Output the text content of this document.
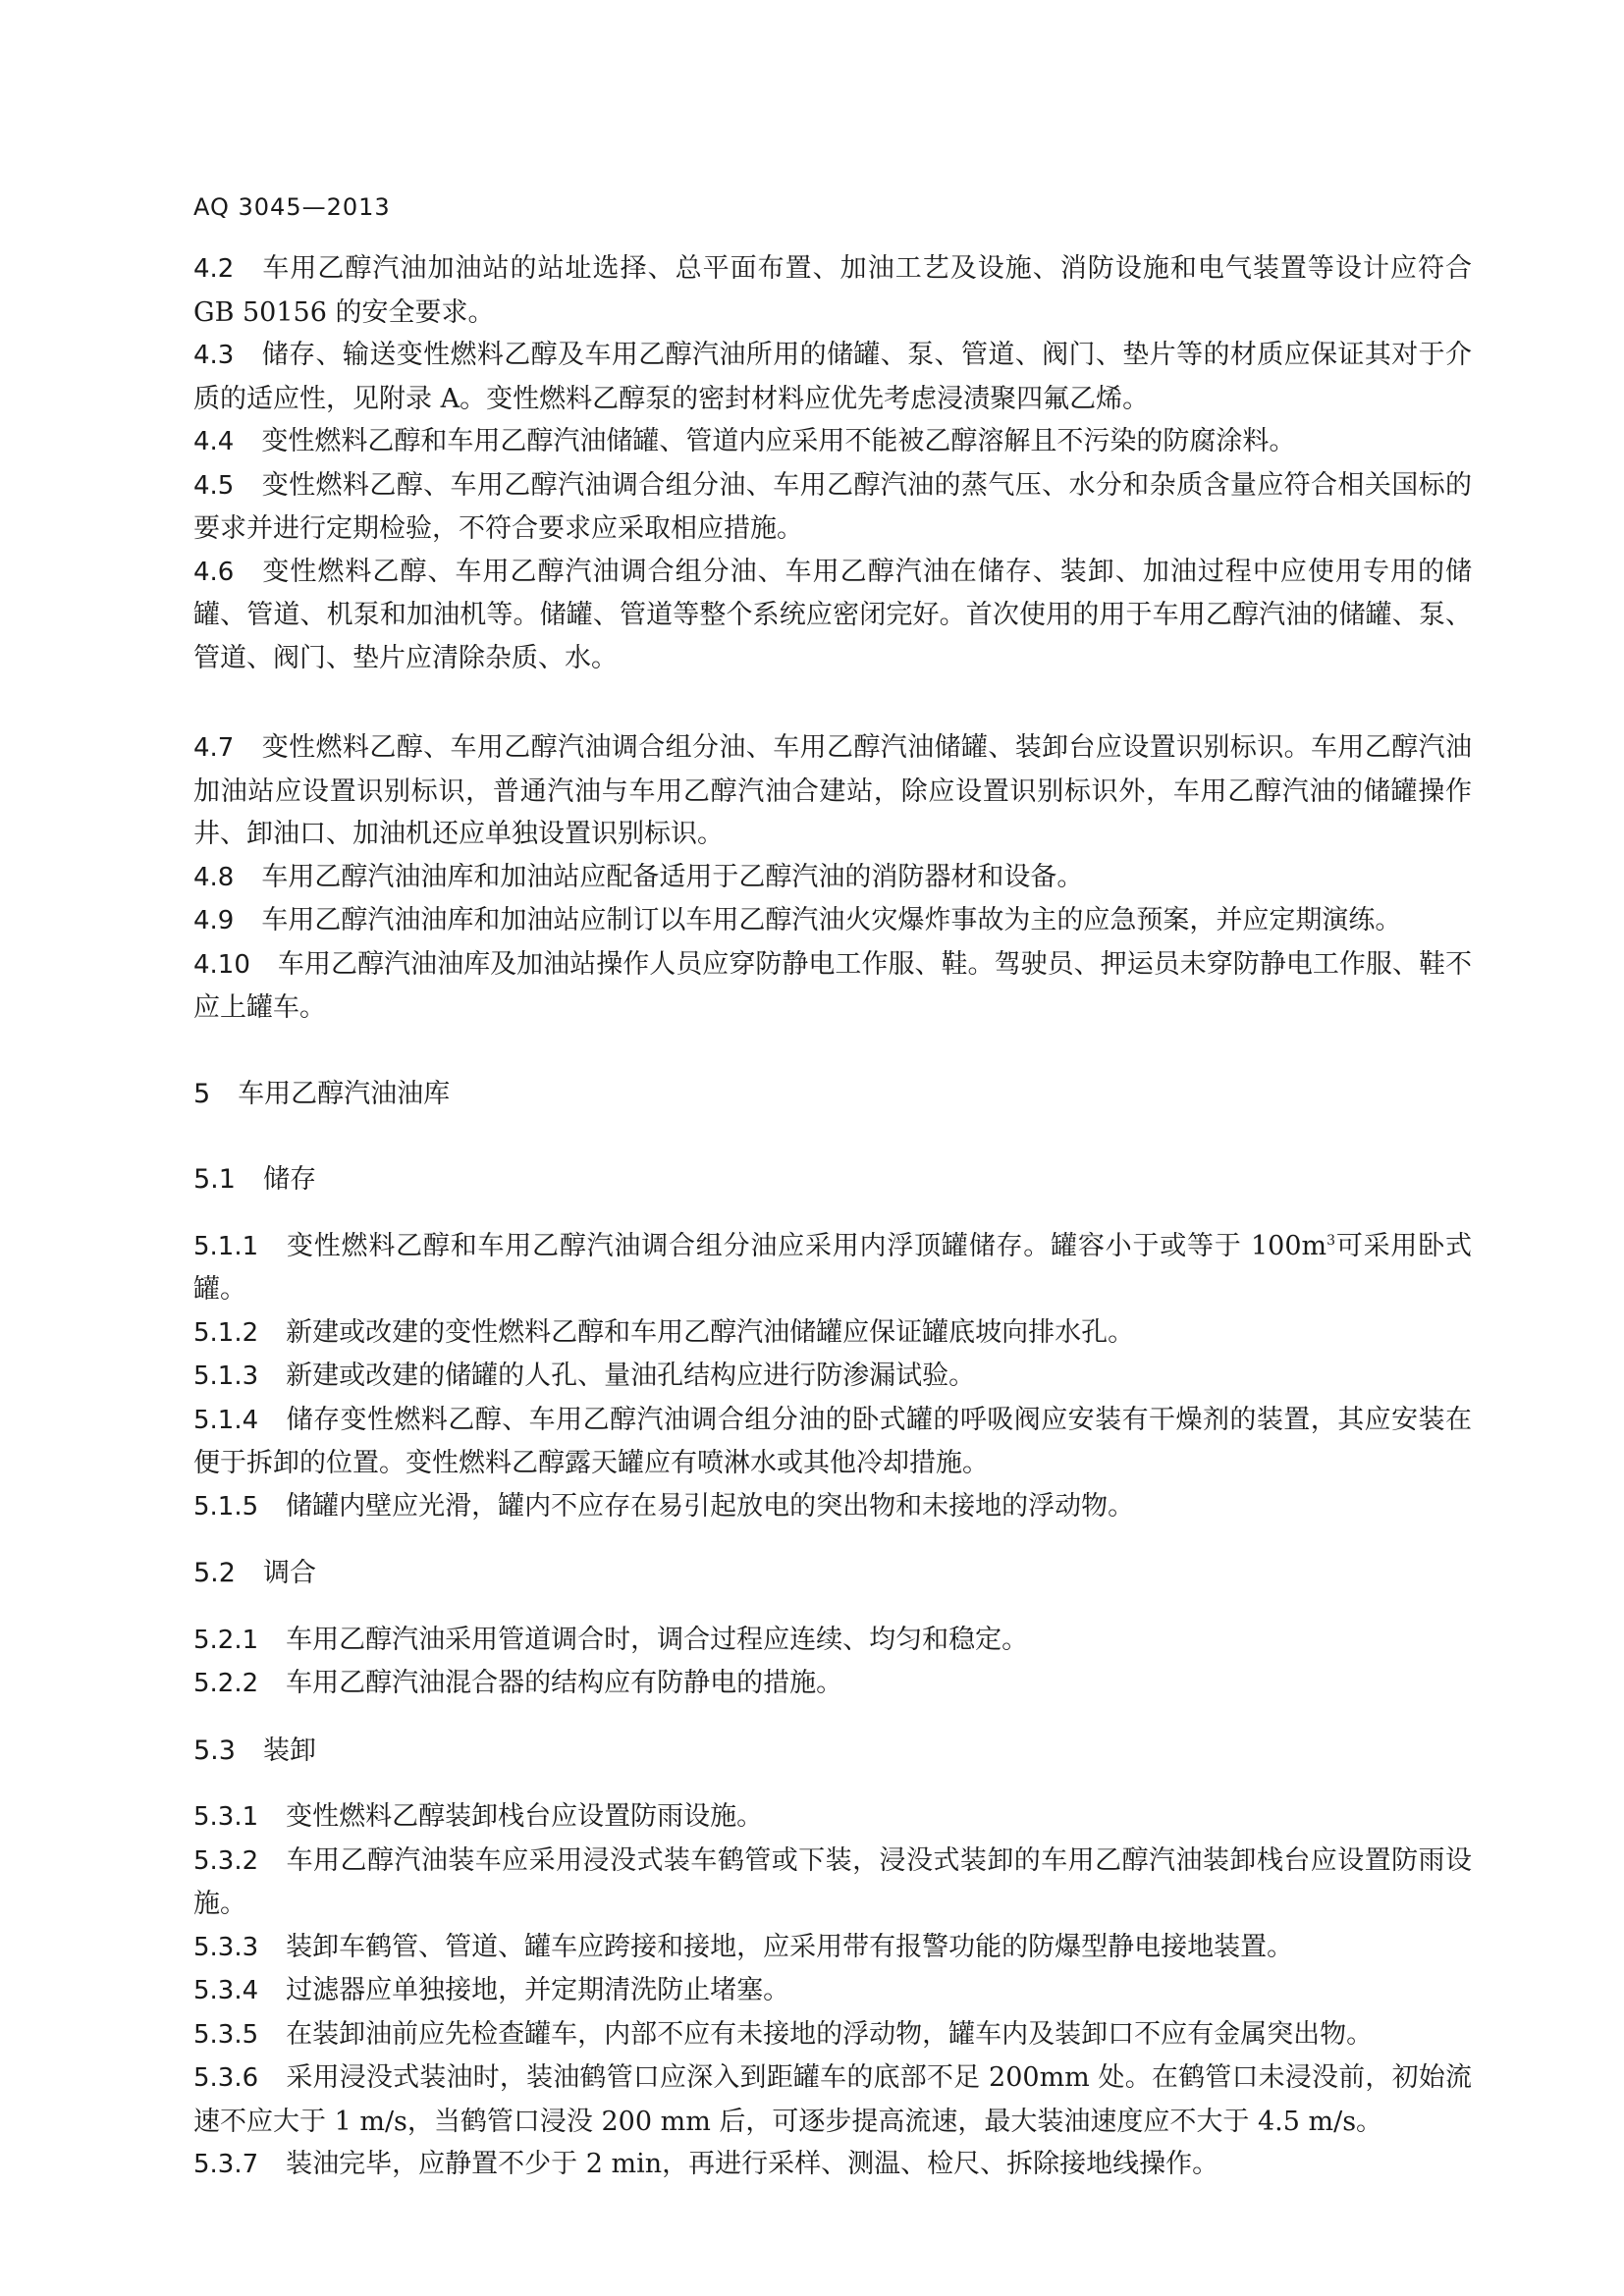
AQ 3045—2013

4.2 车用乙醇汽油加油站的站址选择、总平面布置、加油工艺及设施、消防设施和电气装置等设计应符合 GB 50156 的安全要求。

4.3 储存、输送变性燃料乙醇及车用乙醇汽油所用的储罐、泵、管道、阀门、垫片等的材质应保证其对于介质的适应性，见附录 A。变性燃料乙醇泵的密封材料应优先考虑浸渍聚四氟乙烯。

4.4 变性燃料乙醇和车用乙醇汽油储罐、管道内应采用不能被乙醇溶解且不污染的防腐涂料。

4.5 变性燃料乙醇、车用乙醇汽油调合组分油、车用乙醇汽油的蒸气压、水分和杂质含量应符合相关国标的要求并进行定期检验，不符合要求应采取相应措施。

4.6 变性燃料乙醇、车用乙醇汽油调合组分油、车用乙醇汽油在储存、装卸、加油过程中应使用专用的储罐、管道、机泵和加油机等。储罐、管道等整个系统应密闭完好。首次使用的用于车用乙醇汽油的储罐、泵、管道、阀门、垫片应清除杂质、水。

4.7 变性燃料乙醇、车用乙醇汽油调合组分油、车用乙醇汽油储罐、装卸台应设置识别标识。车用乙醇汽油加油站应设置识别标识，普通汽油与车用乙醇汽油合建站，除应设置识别标识外，车用乙醇汽油的储罐操作井、卸油口、加油机还应单独设置识别标识。

4.8 车用乙醇汽油油库和加油站应配备适用于乙醇汽油的消防器材和设备。

4.9 车用乙醇汽油油库和加油站应制订以车用乙醇汽油火灾爆炸事故为主的应急预案，并应定期演练。

4.10 车用乙醇汽油油库及加油站操作人员应穿防静电工作服、鞋。驾驶员、押运员未穿防静电工作服、鞋不应上罐车。

5 车用乙醇汽油油库

5.1 储存

5.1.1 变性燃料乙醇和车用乙醇汽油调合组分油应采用内浮顶罐储存。罐容小于或等于 $100m^3$可采用卧式罐。

5.1.2 新建或改建的变性燃料乙醇和车用乙醇汽油储罐应保证罐底坡向排水孔。

5.1.3 新建或改建的储罐的人孔、量油孔结构应进行防渗漏试验。

5.1.4 储存变性燃料乙醇、车用乙醇汽油调合组分油的卧式罐的呼吸阀应安装有干燥剂的装置，其应安装在便于拆卸的位置。变性燃料乙醇露天罐应有喷淋水或其他冷却措施。

5.1.5 储罐内壁应光滑，罐内不应存在易引起放电的突出物和未接地的浮动物。

5.2 调合

5.2.1 车用乙醇汽油采用管道调合时，调合过程应连续、均匀和稳定。

5.2.2 车用乙醇汽油混合器的结构应有防静电的措施。

5.3 装卸

5.3.1 变性燃料乙醇装卸栈台应设置防雨设施。

5.3.2 车用乙醇汽油装车应采用浸没式装车鹤管或下装，浸没式装卸的车用乙醇汽油装卸栈台应设置防雨设施。

5.3.3 装卸车鹤管、管道、罐车应跨接和接地，应采用带有报警功能的防爆型静电接地装置。

5.3.4 过滤器应单独接地，并定期清洗防止堵塞。

5.3.5 在装卸油前应先检查罐车，内部不应有未接地的浮动物，罐车内及装卸口不应有金属突出物。

5.3.6 采用浸没式装油时，装油鹤管口应深入到距罐车的底部不足 200mm 处。在鹤管口未浸没前，初始流速不应大于 1 m/s，当鹤管口浸没 200 mm 后，可逐步提高流速，最大装油速度应不大于 4.5 m/s。

5.3.7 装油完毕，应静置不少于 2 min，再进行采样、测温、检尺、拆除接地线操作。
